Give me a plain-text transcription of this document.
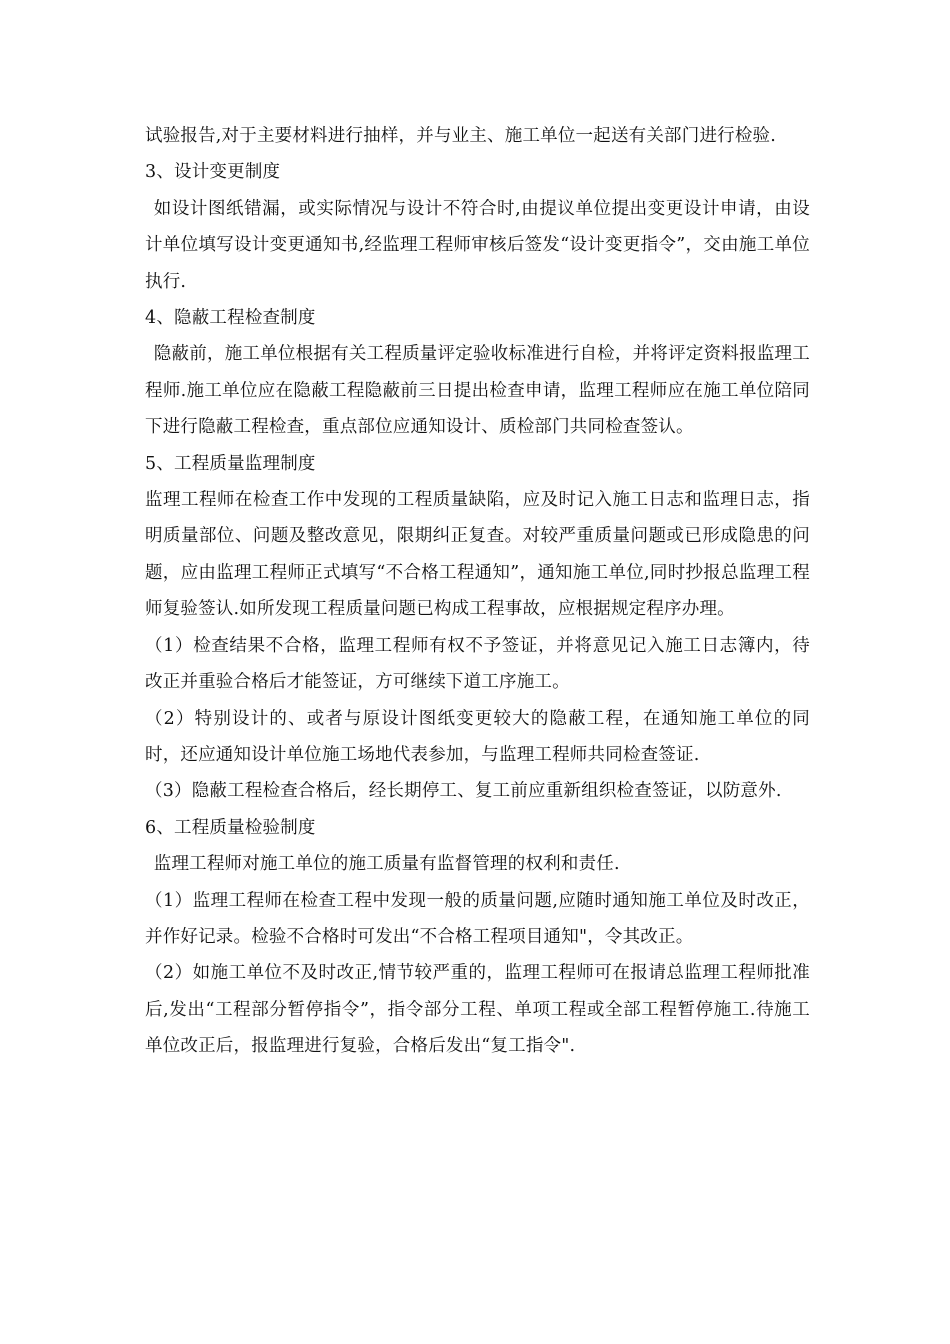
试验报告,对于主要材料进行抽样，并与业主、施工单位一起送有关部门进行检验.

3、设计变更制度

如设计图纸错漏，或实际情况与设计不符合时,由提议单位提出变更设计申请，由设计单位填写设计变更通知书,经监理工程师审核后签发“设计变更指令”，交由施工单位执行.

4、隐蔽工程检查制度

隐蔽前，施工单位根据有关工程质量评定验收标准进行自检，并将评定资料报监理工程师.施工单位应在隐蔽工程隐蔽前三日提出检查申请，监理工程师应在施工单位陪同下进行隐蔽工程检查，重点部位应通知设计、质检部门共同检查签认。

5、工程质量监理制度

监理工程师在检查工作中发现的工程质量缺陷，应及时记入施工日志和监理日志，指明质量部位、问题及整改意见，限期纠正复查。对较严重质量问题或已形成隐患的问题，应由监理工程师正式填写“不合格工程通知”，通知施工单位,同时抄报总监理工程师复验签认.如所发现工程质量问题已构成工程事故，应根据规定程序办理。

（1）检查结果不合格，监理工程师有权不予签证，并将意见记入施工日志簿内，待改正并重验合格后才能签证，方可继续下道工序施工。

（2）特别设计的、或者与原设计图纸变更较大的隐蔽工程，在通知施工单位的同时，还应通知设计单位施工场地代表参加，与监理工程师共同检查签证.

（3）隐蔽工程检查合格后，经长期停工、复工前应重新组织检查签证，以防意外.

6、工程质量检验制度

监理工程师对施工单位的施工质量有监督管理的权利和责任.

（1）监理工程师在检查工程中发现一般的质量问题,应随时通知施工单位及时改正，并作好记录。检验不合格时可发出“不合格工程项目通知"，令其改正。

（2）如施工单位不及时改正,情节较严重的，监理工程师可在报请总监理工程师批准后,发出“工程部分暂停指令”，指令部分工程、单项工程或全部工程暂停施工.待施工单位改正后，报监理进行复验，合格后发出“复工指令".
